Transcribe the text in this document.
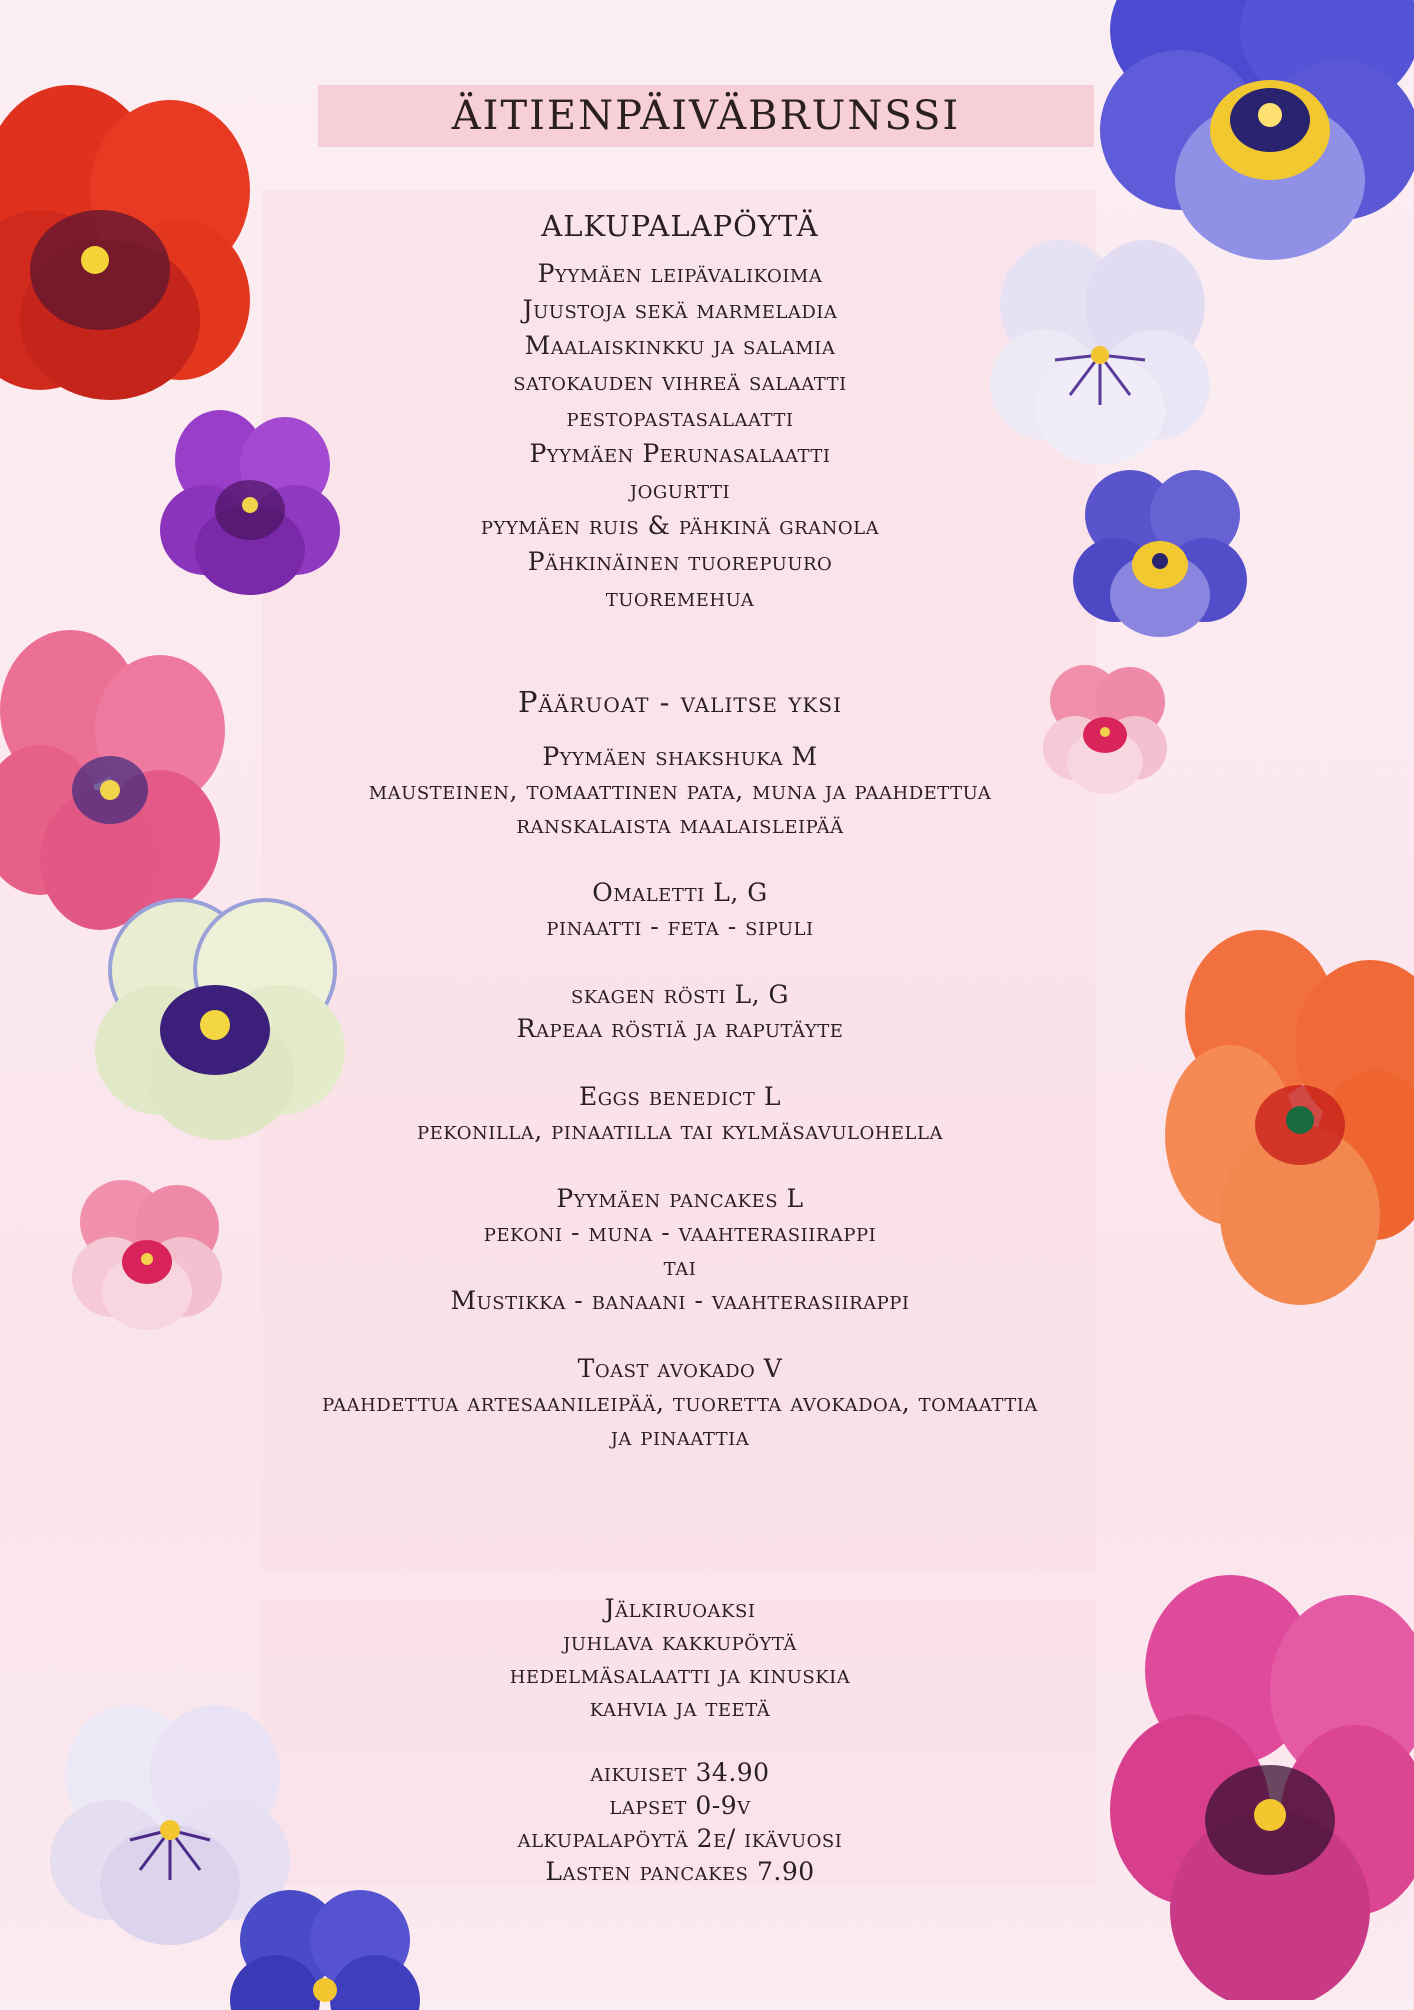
ÄITIENPÄIVÄBRUNSSI

ALKUPALAPÖYTÄ

Pyymäen leipävalikoima
Juustoja sekä marmeladia
Maalaiskinkku ja salamia
satokauden vihreä salaatti
pestopastasalaatti
Pyymäen Perunasalaatti
jogurtti
pyymäen ruis & pähkinä granola
Pähkinäinen tuorepuuro
tuoremehua

Pääruoat - valitse yksi

Pyymäen shakshuka M
mausteinen, tomaattinen pata, muna ja paahdettua
ranskalaista maalaisleipää
Omaletti L, G
pinaatti - feta - sipuli
skagen rösti L, G
Rapeaa röstiä ja raputäyte
Eggs benedict L
pekonilla, pinaatilla tai kylmäsavulohella
Pyymäen pancakes L
pekoni - muna - vaahterasiirappi
tai
Mustikka - banaani - vaahterasiirappi
Toast avokado V
paahdettua artesaanileipää, tuoretta avokadoa, tomaattia
ja pinaattia
Jälkiruoaksi
juhlava kakkupöytä
hedelmäsalaatti ja kinuskia
kahvia ja teetä
aikuiset 34.90
lapset 0-9v
alkupalapöytä 2e/ ikävuosi
Lasten pancakes 7.90
